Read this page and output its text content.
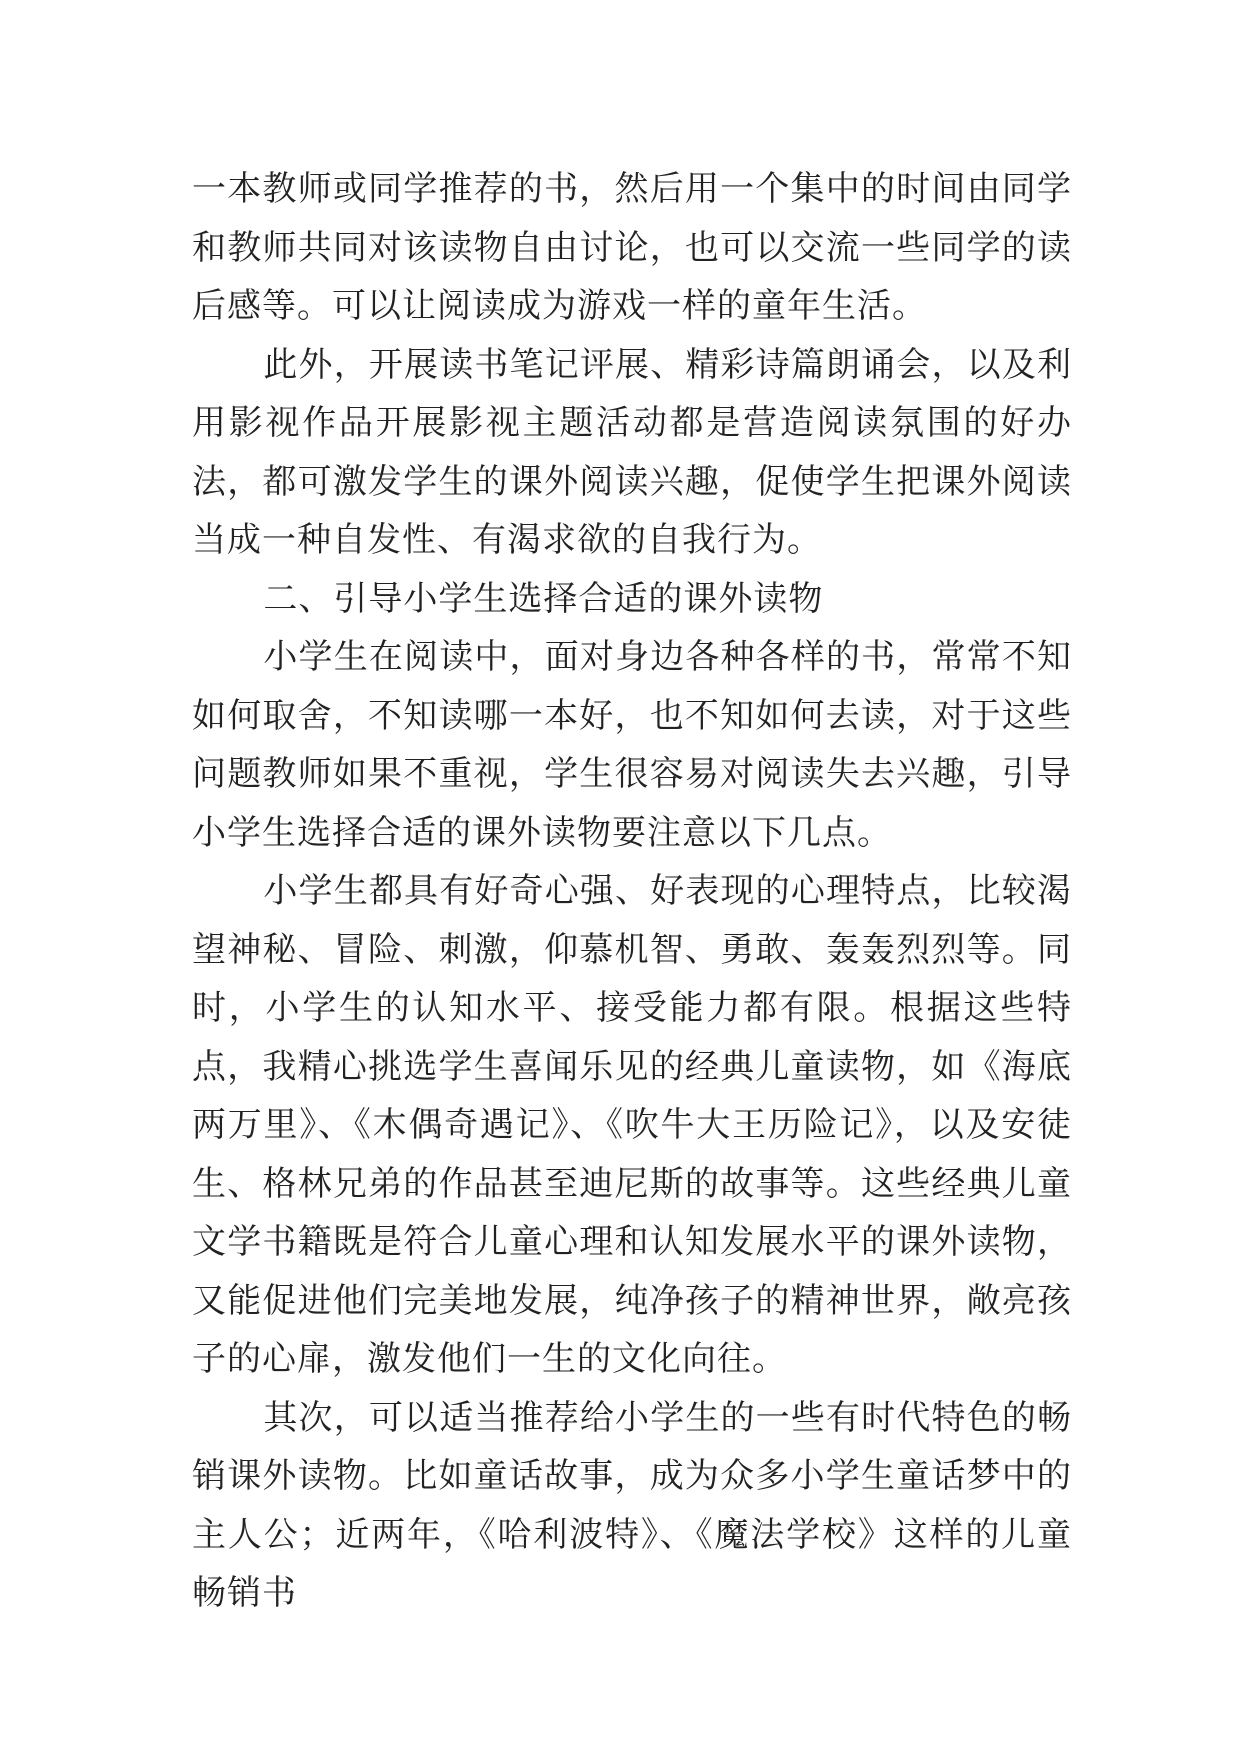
一本教师或同学推荐的书，然后用一个集中的时间由同学和教师共同对该读物自由讨论，也可以交流一些同学的读后感等。可以让阅读成为游戏一样的童年生活。

此外，开展读书笔记评展、精彩诗篇朗诵会，以及利用影视作品开展影视主题活动都是营造阅读氛围的好办法，都可激发学生的课外阅读兴趣，促使学生把课外阅读当成一种自发性、有渴求欲的自我行为。

二、引导小学生选择合适的课外读物

小学生在阅读中，面对身边各种各样的书，常常不知如何取舍，不知读哪一本好，也不知如何去读，对于这些问题教师如果不重视，学生很容易对阅读失去兴趣，引导小学生选择合适的课外读物要注意以下几点。

小学生都具有好奇心强、好表现的心理特点，比较渴望神秘、冒险、刺激，仰慕机智、勇敢、轰轰烈烈等。同时，小学生的认知水平、接受能力都有限。根据这些特点，我精心挑选学生喜闻乐见的经典儿童读物，如《海底两万里》、《木偶奇遇记》、《吹牛大王历险记》，以及安徒生、格林兄弟的作品甚至迪尼斯的故事等。这些经典儿童文学书籍既是符合儿童心理和认知发展水平的课外读物，又能促进他们完美地发展，纯净孩子的精神世界，敞亮孩子的心扉，激发他们一生的文化向往。

其次，可以适当推荐给小学生的一些有时代特色的畅销课外读物。比如童话故事，成为众多小学生童话梦中的主人公；近两年，《哈利波特》、《魔法学校》这样的儿童畅销书
